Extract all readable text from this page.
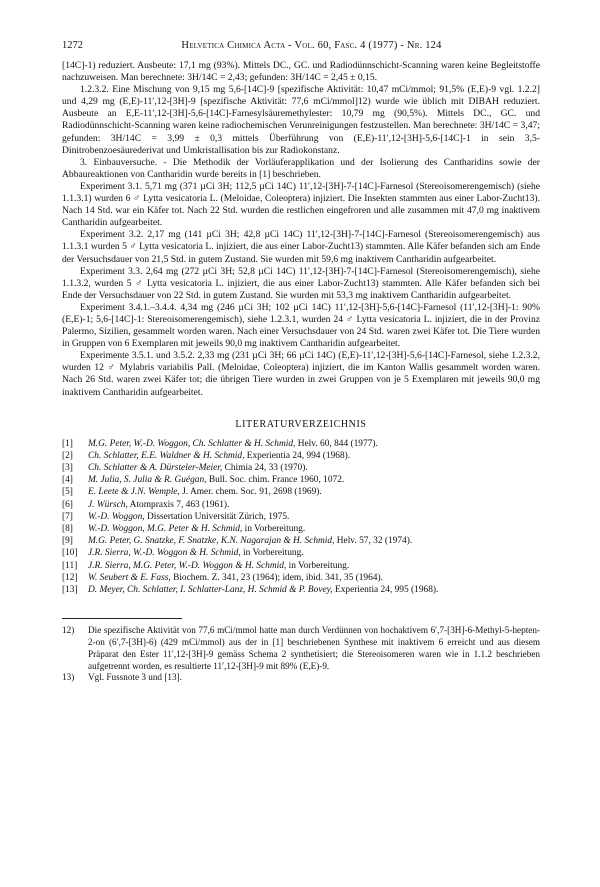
1272	Helvetica Chimica Acta - Vol. 60, Fasc. 4 (1977) - Nr. 124

[14C]-1) reduziert. Ausbeute: 17,1 mg (93%). Mittels DC., GC. und Radiodünnschicht-Scanning waren keine Begleitstoffe nachzuweisen. Man berechnete: 3H/14C = 2,43; gefunden: 3H/14C = 2,45 ± 0,15.

1.2.3.2. Eine Mischung von 9,15 mg 5,6-[14C]-9 [spezifische Aktivität: 10,47 mCi/mmol; 91,5% (E,E)-9 vgl. 1.2.2] und 4,29 mg (E,E)-11′,12-[3H]-9 [spezifische Aktivität: 77,6 mCi/mmol]12) wurde wie üblich mit DIBAH reduziert. Ausbeute an E,E-11′,12-[3H]-5,6-[14C]-Farnesylsäuremethylester: 10,79 mg (90,5%). Mittels DC., GC. und Radiodünnschicht-Scanning waren keine radiochemischen Verunreinigungen festzustellen. Man berechnete: 3H/14C = 3,47; gefunden: 3H/14C = 3,99 ± 0,3 mittels Überführung von (E,E)-11′,12-[3H]-5,6-[14C]-1 in sein 3,5-Dinitrobenzoesäurederivat und Umkristallisation bis zur Radiokonstanz.

3. Einbauversuche. - Die Methodik der Vorläuferapplikation und der Isolierung des Cantharidins sowie der Abbaureaktionen von Cantharidin wurde bereits in [1] beschrieben.

Experiment 3.1. 5,71 mg (371 µCi 3H; 112,5 µCi 14C) 11′,12-[3H]-7-[14C]-Farnesol (Stereoisomerengemisch) (siehe 1.1.3.1) wurden 6 ♂ Lytta vesicatoria L. (Meloidae, Coleoptera) injiziert. Die Insekten stammten aus einer Labor-Zucht13). Nach 14 Std. war ein Käfer tot. Nach 22 Std. wurden die restlichen eingefroren und alle zusammen mit 47,0 mg inaktivem Cantharidin aufgearbeitet.

Experiment 3.2. 2,17 mg (141 µCi 3H; 42,8 µCi 14C) 11′,12-[3H]-7-[14C]-Farnesol (Stereoisomerengemisch) aus 1.1.3.1 wurden 5 ♂ Lytta vesicatoria L. injiziert, die aus einer Labor-Zucht13) stammten. Alle Käfer befanden sich am Ende der Versuchsdauer von 21,5 Std. in gutem Zustand. Sie wurden mit 59,6 mg inaktivem Cantharidin aufgearbeitet.

Experiment 3.3. 2,64 mg (272 µCi 3H; 52,8 µCi 14C) 11′,12-[3H]-7-[14C]-Farnesol (Stereoisomerengemisch), siehe 1.1.3.2, wurden 5 ♂ Lytta vesicatoria L. injiziert, die aus einer Labor-Zucht13) stammten. Alle Käfer befanden sich bei Ende der Versuchsdauer von 22 Std. in gutem Zustand. Sie wurden mit 53,3 mg inaktivem Cantharidin aufgearbeitet.

Experiment 3.4.1.–3.4.4. 4,34 mg (246 µCi 3H; 102 µCi 14C) 11′,12-[3H]-5,6-[14C]-Farnesol (11′,12-[3H]-1: 90% (E,E)-1; 5,6-[14C]-1: Stereoisomerengemisch), siehe 1.2.3.1, wurden 24 ♂ Lytta vesicatoria L. injiziert, die in der Provinz Palermo, Sizilien, gesammelt worden waren. Nach einer Versuchsdauer von 24 Std. waren zwei Käfer tot. Die Tiere wurden in Gruppen von 6 Exemplaren mit jeweils 90,0 mg inaktivem Cantharidin aufgearbeitet.

Experimente 3.5.1. und 3.5.2. 2,33 mg (231 µCi 3H; 66 µCi 14C) (E,E)-11′,12-[3H]-5,6-[14C]-Farnesol, siehe 1.2.3.2, wurden 12 ♂ Mylabris variabilis Pall. (Meloidae, Coleoptera) injiziert, die im Kanton Wallis gesammelt worden waren. Nach 26 Std. waren zwei Käfer tot; die übrigen Tiere wurden in zwei Gruppen von je 5 Exemplaren mit jeweils 90,0 mg inaktivem Cantharidin aufgearbeitet.

LITERATURVERZEICHNIS
[1]	M.G. Peter, W.-D. Woggon, Ch. Schlatter & H. Schmid, Helv. 60, 844 (1977).
[2]	Ch. Schlatter, E.E. Waldner & H. Schmid, Experientia 24, 994 (1968).
[3]	Ch. Schlatter & A. Dürsteler-Meier, Chimia 24, 33 (1970).
[4]	M. Julia, S. Julia & R. Guégan, Bull. Soc. chim. France 1960, 1072.
[5]	E. Leete & J.N. Wemple, J. Amer. chem. Soc. 91, 2698 (1969).
[6]	J. Würsch, Atompraxis 7, 463 (1961).
[7]	W.-D. Woggon, Dissertation Universität Zürich, 1975.
[8]	W.-D. Woggon, M.G. Peter & H. Schmid, in Vorbereitung.
[9]	M.G. Peter, G. Snatzke, F. Snatzke, K.N. Nagarajan & H. Schmid, Helv. 57, 32 (1974).
[10]	J.R. Sierra, W.-D. Woggon & H. Schmid, in Vorbereitung.
[11]	J.R. Sierra, M.G. Peter, W.-D. Woggon & H. Schmid, in Vorbereitung.
[12]	W. Seubert & E. Fass, Biochem. Z. 341, 23 (1964); idem, ibid. 341, 35 (1964).
[13]	D. Meyer, Ch. Schlatter, I. Schlatter-Lanz, H. Schmid & P. Bovey, Experientia 24, 995 (1968).
12)	Die spezifische Aktivität von 77,6 mCi/mmol hatte man durch Verdünnen von hochaktivem 6′,7-[3H]-6-Methyl-5-hepten-2-on (6′,7-[3H]-6) (429 mCi/mmol) aus der in [1] beschriebenen Synthese mit inaktivem 6 erreicht und aus diesem Präparat den Ester 11′,12-[3H]-9 gemäss Schema 2 synthetisiert; die Stereoisomeren waren wie in 1.1.2 beschrieben aufgetrennt worden, es resultierte 11′,12-[3H]-9 mit 89% (E,E)-9.
13)	Vgl. Fussnote 3 und [13].
